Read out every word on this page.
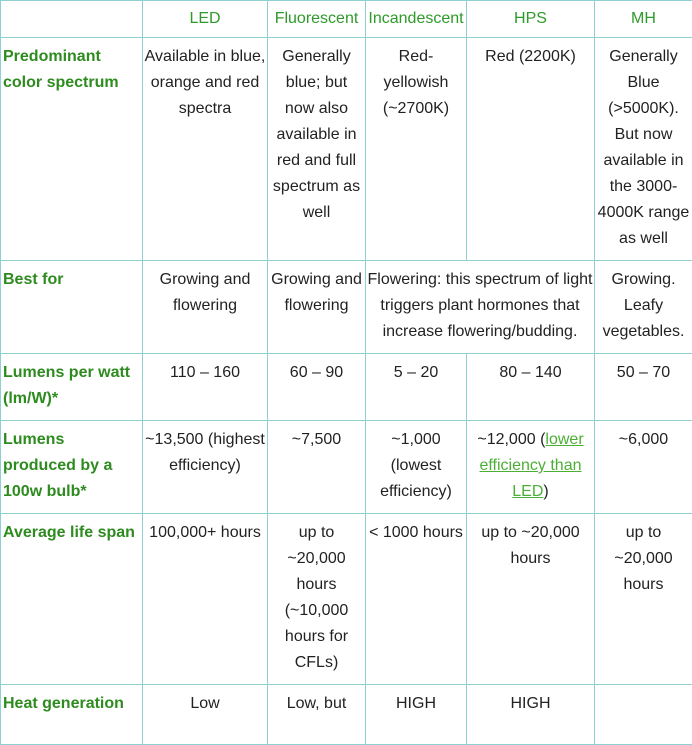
	LED	Fluorescent	Incandescent	HPS	MH
Predominant color spectrum	Available in blue, orange and red spectra	Generally blue; but now also available in red and full spectrum as well	Red-yellowish (~2700K)	Red (2200K)	Generally Blue (>5000K). But now available in the 3000-4000K range as well
Best for	Growing and flowering	Growing and flowering	Flowering: this spectrum of light triggers plant hormones that increase flowering/budding.		Growing. Leafy vegetables.
Lumens per watt (lm/W)*	110 – 160	60 – 90	5 – 20	80 – 140	50 – 70
Lumens produced by a 100w bulb*	~13,500 (highest efficiency)	~7,500	~1,000 (lowest efficiency)	~12,000 (lower efficiency than LED)	~6,000
Average life span	100,000+ hours	up to ~20,000 hours (~10,000 hours for CFLs)	< 1000 hours	up to ~20,000 hours	up to ~20,000 hours
Heat generation	Low	Low, but	HIGH	HIGH	
